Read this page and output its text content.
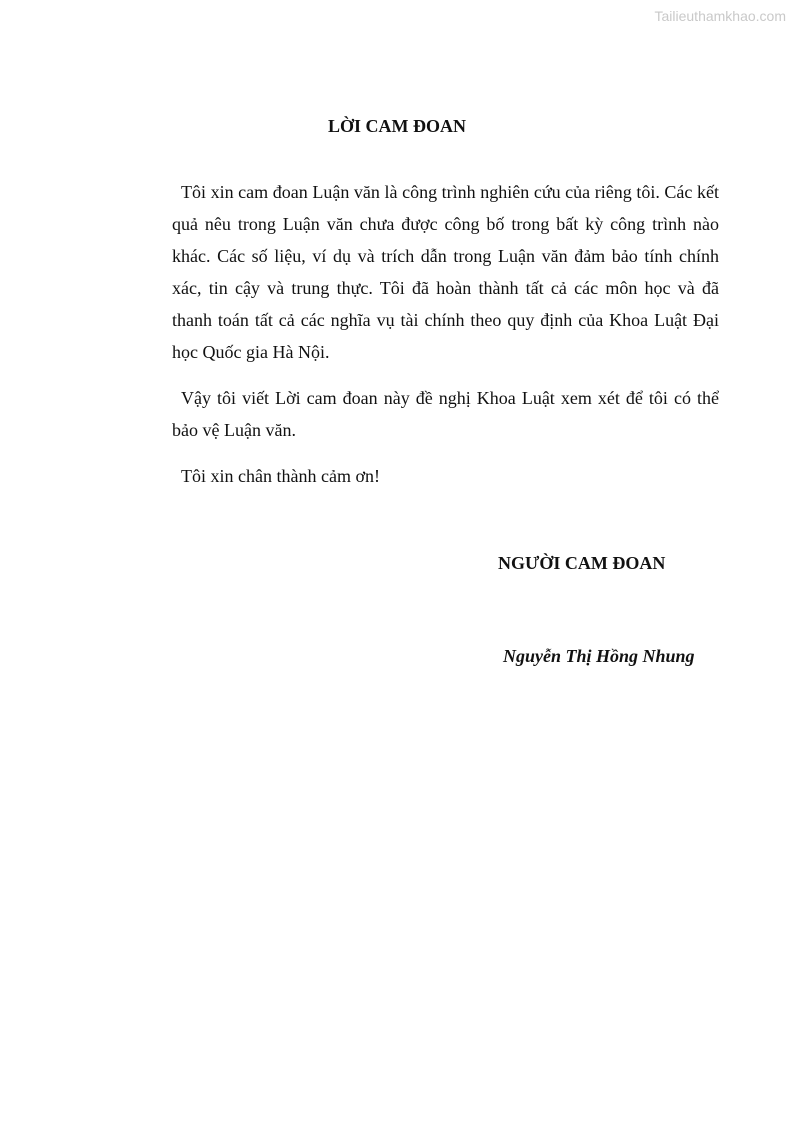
Tailieuthamkhao.com
LỜI CAM ĐOAN

Tôi xin cam đoan Luận văn là công trình nghiên cứu của riêng tôi. Các kết quả nêu trong Luận văn chưa được công bố trong bất kỳ công trình nào khác. Các số liệu, ví dụ và trích dẫn trong Luận văn đảm bảo tính chính xác, tin cậy và trung thực. Tôi đã hoàn thành tất cả các môn học và đã thanh toán tất cả các nghĩa vụ tài chính theo quy định của Khoa Luật Đại học Quốc gia Hà Nội.

Vậy tôi viết Lời cam đoan này đề nghị Khoa Luật xem xét để tôi có thể bảo vệ Luận văn.

Tôi xin chân thành cảm ơn!

NGƯỜI CAM ĐOAN
Nguyễn Thị Hồng Nhung
